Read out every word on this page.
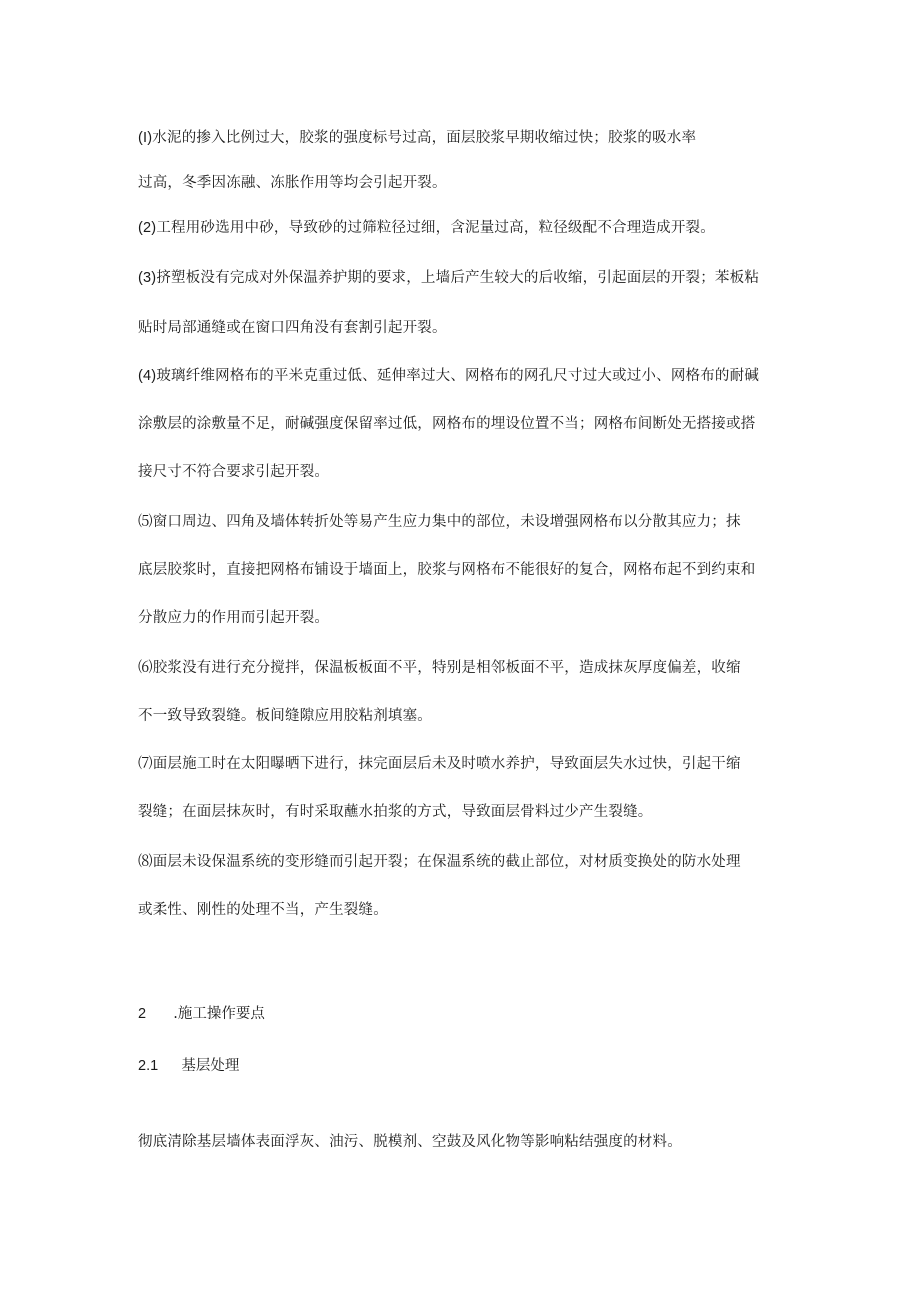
(I)水泥的掺入比例过大，胶浆的强度标号过高，面层胶浆早期收缩过快；胶浆的吸水率
过高，冬季因冻融、冻胀作用等均会引起开裂。
(2)工程用砂选用中砂，导致砂的过筛粒径过细，含泥量过高，粒径级配不合理造成开裂。
(3)挤塑板没有完成对外保温养护期的要求，上墙后产生较大的后收缩，引起面层的开裂；苯板粘
贴时局部通缝或在窗口四角没有套割引起开裂。
(4)玻璃纤维网格布的平米克重过低、延伸率过大、网格布的网孔尺寸过大或过小、网格布的耐碱
涂敷层的涂敷量不足，耐碱强度保留率过低，网格布的埋设位置不当；网格布间断处无搭接或搭
接尺寸不符合要求引起开裂。
⑸窗口周边、四角及墙体转折处等易产生应力集中的部位，未设增强网格布以分散其应力；抹
底层胶浆时，直接把网格布铺设于墙面上，胶浆与网格布不能很好的复合，网格布起不到约束和
分散应力的作用而引起开裂。
⑹胶浆没有进行充分搅拌，保温板板面不平，特别是相邻板面不平，造成抹灰厚度偏差，收缩
不一致导致裂缝。板间缝隙应用胶粘剂填塞。
⑺面层施工时在太阳曝晒下进行，抹完面层后未及时喷水养护，导致面层失水过快，引起干缩
裂缝；在面层抹灰时，有时采取蘸水拍浆的方式，导致面层骨料过少产生裂缝。
⑻面层未设保温系统的变形缝而引起开裂；在保温系统的截止部位，对材质变换处的防水处理
或柔性、刚性的处理不当，产生裂缝。
2 .施工操作要点
2.1 基层处理
彻底清除基层墙体表面浮灰、油污、脱模剂、空鼓及风化物等影响粘结强度的材料。
